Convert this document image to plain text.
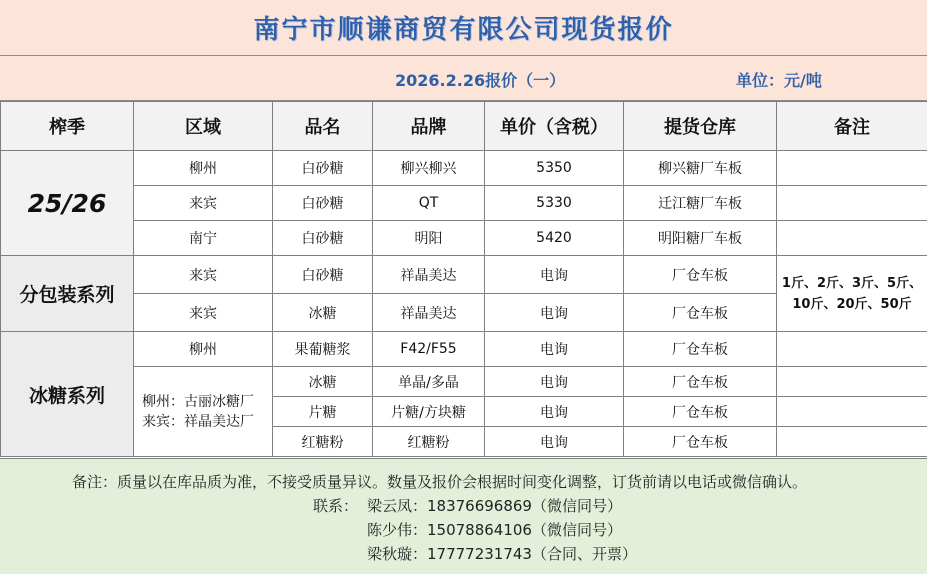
南宁市顺谦商贸有限公司现货报价
2026.2.26报价（一）	单位：元/吨
榨季	区域	品名	品牌	单价（含税）	提货仓库	备注
25/26	柳州	白砂糖	柳兴柳兴	5350	柳兴糖厂车板	
	来宾	白砂糖	QT	5330	迁江糖厂车板	
	南宁	白砂糖	明阳	5420	明阳糖厂车板	
分包装系列	来宾	白砂糖	祥晶美达	电询	厂仓车板	1斤、2斤、3斤、5斤、
10斤、20斤、50斤

	来宾	冰糖	祥晶美达	电询	厂仓车板	
冰糖系列	柳州	果葡糖浆	F42/F55	电询	厂仓车板	

	柳州：古丽冰糖厂
来宾：祥晶美达厂	冰糖	单晶/多晶	电询	厂仓车板	
		片糖	片糖/方块糖	电询	厂仓车板	
		红糖粉	红糖粉	电询	厂仓车板	
备注：质量以在库品质为准，不接受质量异议。数量及报价会根据时间变化调整，订货前请以电话或微信确认。
联系： 梁云凤：18376696869（微信同号）
陈少伟：15078864106（微信同号）
梁秋璇：17777231743（合同、开票）
